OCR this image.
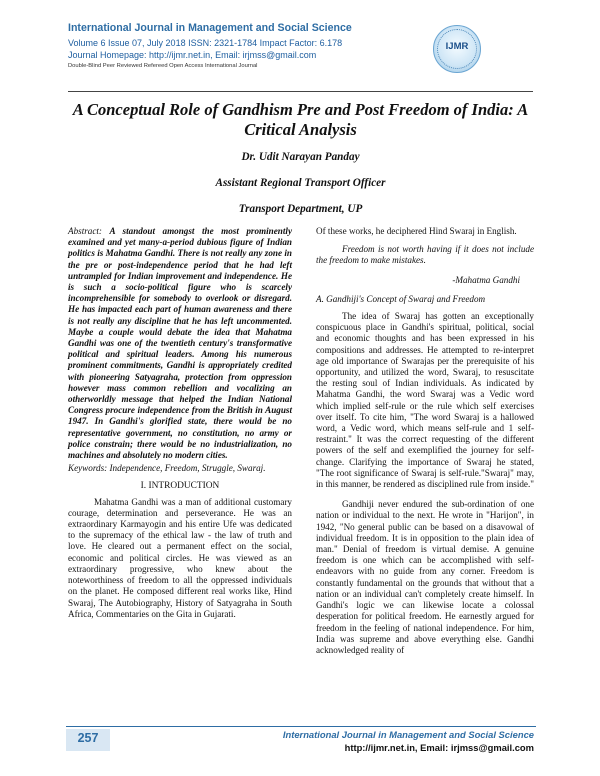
International Journal in Management and Social Science

Volume 6 Issue 07, July 2018 ISSN: 2321-1784 Impact Factor: 6.178

Journal Homepage: http://ijmr.net.in, Email: irjmss@gmail.com

Double-Blind Peer Reviewed Refereed Open Access International Journal

IJMR
A Conceptual Role of Gandhism Pre and Post Freedom of India: A Critical Analysis

Dr. Udit Narayan Panday

Assistant Regional Transport Officer

Transport Department, UP

Abstract: A standout amongst the most prominently examined and yet many-a-period dubious figure of Indian politics is Mahatma Gandhi. There is not really any zone in the pre or post-independence period that he had left untrampled for Indian improvement and independence. He is such a socio-political figure who is scarcely incomprehensible for somebody to overlook or disregard. He has impacted each part of human awareness and there is not really any discipline that he has left uncommented. Maybe a couple would debate the idea that Mahatma Gandhi was one of the twentieth century's transformative political and spiritual leaders. Among his numerous prominent commitments, Gandhi is appropriately credited with pioneering Satyagraha, protection from oppression however mass common rebellion and vocalizing an otherworldly message that helped the Indian National Congress procure independence from the British in August 1947. In Gandhi's glorified state, there would be no representative government, no constitution, no army or police constrain; there would be no industrialization, no machines and absolutely no modern cities.

Keywords: Independence, Freedom, Struggle, Swaraj.

I. INTRODUCTION

Mahatma Gandhi was a man of additional customary courage, determination and perseverance. He was an extraordinary Karmayogin and his entire Ufe was dedicated to the supremacy of the ethical law - the law of truth and love. He cleared out a permanent effect on the social, economic and political circles. He was viewed as an extraordinary progressive, who knew about the noteworthiness of freedom to all the oppressed individuals on the planet. He composed different real works like, Hind Swaraj, The Autobiography, History of Satyagraha in South Africa, Commentaries on the Gita in Gujarati.

Of these works, he deciphered Hind Swaraj in English.

Freedom is not worth having if it does not include the freedom to make mistakes.

-Mahatma Gandhi

A. Gandhiji's Concept of Swaraj and Freedom

The idea of Swaraj has gotten an exceptionally conspicuous place in Gandhi's spiritual, political, social and economic thoughts and has been expressed in his compositions and addresses. He attempted to re-interpret age old importance of Swarajas per the prerequisite of his opportunity, and utilized the word, Swaraj, to resuscitate the resting soul of Indian individuals. As indicated by Mahatma Gandhi, the word Swaraj was a Vedic word which implied self-rule or the rule which self exercises over itself. To cite him, "The word Swaraj is a hallowed word, a Vedic word, which means self-rule and 1 self-restraint." It was the correct requesting of the different powers of the self and exemplified the journey for self-change. Clarifying the importance of Swaraj he stated, "The root significance of Swaraj is self-rule."Swaraj" may, in this manner, be rendered as disciplined rule from inside."

Gandhiji never endured the sub-ordination of one nation or individual to the next. He wrote in "Harijon", in 1942, "No general public can be based on a disavowal of individual freedom. It is in opposition to the plain idea of man." Denial of freedom is virtual demise. A genuine freedom is one which can be accomplished with self-endeavors with no guide from any corner. Freedom is constantly fundamental on the grounds that without that a nation or an individual can't completely create himself. In Gandhi's logic we can likewise locate a colossal desperation for political freedom. He earnestly argued for freedom in the feeling of national independence. For him, India was supreme and above everything else. Gandhi acknowledged reality of

257	International Journal in Management and Social Science

http://ijmr.net.in, Email: irjmss@gmail.com
